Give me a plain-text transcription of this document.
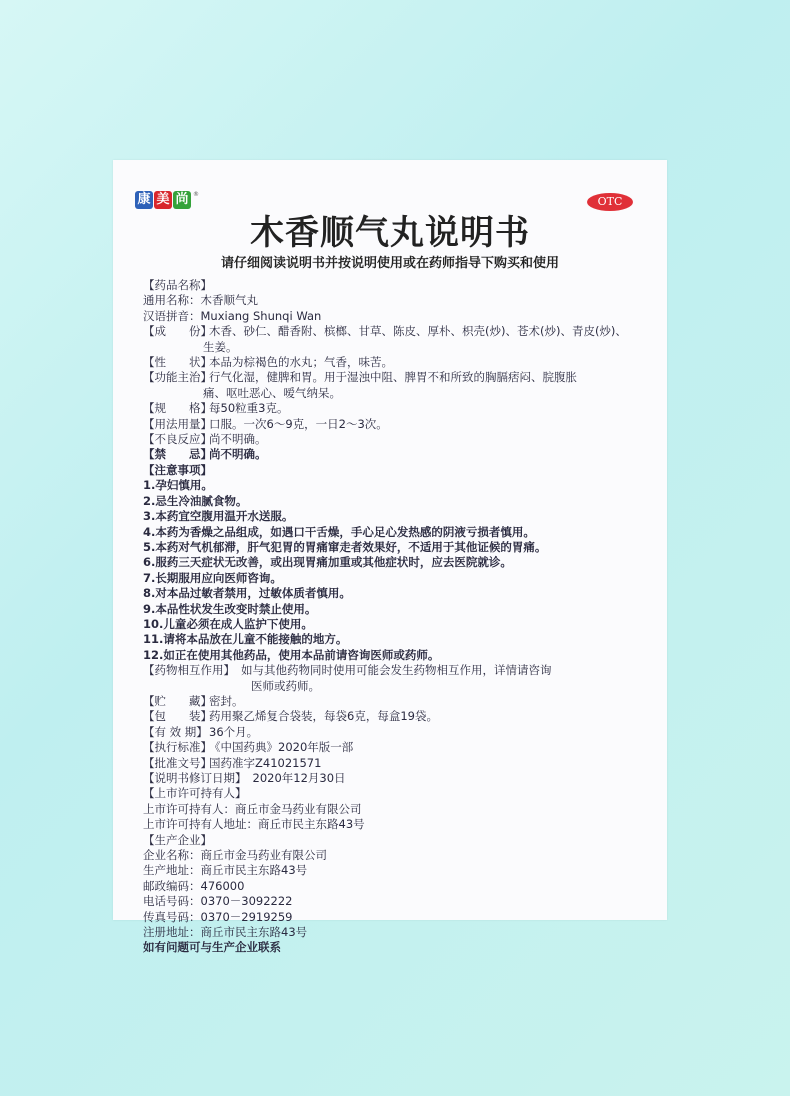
康 美 尚 ®
OTC
木香顺气丸说明书
请仔细阅读说明书并按说明使用或在药师指导下购买和使用
【药品名称】
通用名称：木香顺气丸
汉语拼音：Muxiang Shunqi Wan
【成　　份】
木香、砂仁、醋香附、槟榔、甘草、陈皮、厚朴、枳壳(炒)、苍术(炒)、青皮(炒)、
生姜。
【性　　状】
本品为棕褐色的水丸；气香，味苦。
【功能主治】
行气化湿，健脾和胃。用于湿浊中阻、脾胃不和所致的胸膈痞闷、脘腹胀
痛、呕吐恶心、嗳气纳呆。
【规　　格】
每50粒重3克。
【用法用量】
口服。一次6～9克，一日2～3次。
【不良反应】
尚不明确。
【禁　　忌】
尚不明确。
【注意事项】
1.孕妇慎用。
2.忌生冷油腻食物。
3.本药宜空腹用温开水送服。
4.本药为香燥之品组成，如遇口干舌燥，手心足心发热感的阴液亏损者慎用。
5.本药对气机郁滞，肝气犯胃的胃痛窜走者效果好，不适用于其他证候的胃痛。
6.服药三天症状无改善，或出现胃痛加重或其他症状时，应去医院就诊。
7.长期服用应向医师咨询。
8.对本品过敏者禁用，过敏体质者慎用。
9.本品性状发生改变时禁止使用。
10.儿童必须在成人监护下使用。
11.请将本品放在儿童不能接触的地方。
12.如正在使用其他药品，使用本品前请咨询医师或药师。
【药物相互作用】 如与其他药物同时使用可能会发生药物相互作用，详情请咨询
医师或药师。
【贮　　藏】
密封。
【包　　装】
药用聚乙烯复合袋装，每袋6克，每盒19袋。
【有 效 期】 36个月。
【执行标准】
《中国药典》2020年版一部
【批准文号】
国药准字Z41021571
【说明书修订日期】 2020年12月30日
【上市许可持有人】
上市许可持有人：商丘市金马药业有限公司
上市许可持有人地址：商丘市民主东路43号
【生产企业】
企业名称：商丘市金马药业有限公司
生产地址：商丘市民主东路43号
邮政编码：476000
电话号码：0370－3092222
传真号码：0370－2919259
注册地址：商丘市民主东路43号
如有问题可与生产企业联系
